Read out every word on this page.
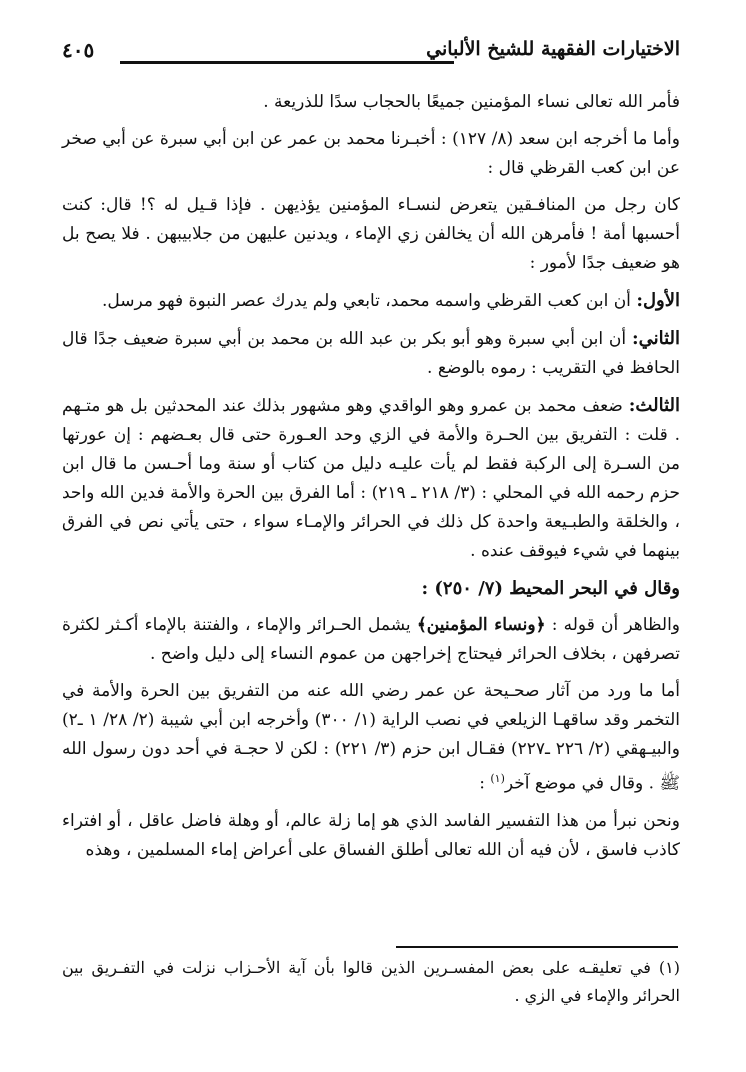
٤٠٥	الاختيارات الفقهية للشيخ الألباني

فأمر الله تعالى نساء المؤمنين جميعًا بالحجاب سدًا للذريعة .

وأما ما أخرجه ابن سعد (٨/ ١٢٧) : أخبـرنا محمد بن عمر عن ابن أبي سبرة عن أبي صخر عن ابن كعب القرظي قال :

كان رجل من المنافـقين يتعرض لنسـاء المؤمنين يؤذيهن . فإذا قـيل له ؟! قال: كنت أحسبها أمة ! فأمرهن الله أن يخالفن زي الإماء ، ويدنين عليهن من جلابيبهن . فلا يصح بل هو ضعيف جدًا لأمور :

الأول: أن ابن كعب القرظي واسمه محمد، تابعي ولم يدرك عصر النبوة فهو مرسل.

الثاني: أن ابن أبي سبرة وهو أبو بكر بن عبد الله بن محمد بن أبي سبرة ضعيف جدًا قال الحافظ في التقريب : رموه بالوضع .

الثالث: ضعف محمد بن عمرو وهو الواقدي وهو مشهور بذلك عند المحدثين بل هو متـهم . قلت : التفريق بين الحـرة والأمة في الزي وحد العـورة حتى قال بعـضهم : إن عورتها من السـرة إلى الركبة فقط لم يأت عليـه دليل من كتاب أو سنة وما أحـسن ما قال ابن حزم رحمه الله في المحلي : (٣/ ٢١٨ ـ ٢١٩) : أما الفرق بين الحرة والأمة فدين الله واحد ، والخلقة والطبـيعة واحدة كل ذلك في الحرائر والإمـاء سواء ، حتى يأتي نص في الفرق بينهما في شيء فيوقف عنده .

وقال في البحر المحيط (٧/ ٢٥٠) :

والظاهر أن قوله : ﴿ونساء المؤمنين﴾ يشمل الحـرائر والإماء ، والفتنة بالإماء أكـثر لكثرة تصرفهن ، بخلاف الحرائر فيحتاج إخراجهن من عموم النساء إلى دليل واضح .

أما ما ورد من آثار صحـيحة عن عمر رضي الله عنه من التفريق بين الحرة والأمة في التخمر وقد ساقهـا الزيلعي في نصب الراية (١/ ٣٠٠) وأخرجه ابن أبي شيبة (٢/ ٢٨/ ١ ـ٢) والبيـهقي (٢/ ٢٢٦ ـ٢٢٧) فقـال ابن حزم (٣/ ٢٢١) : لكن لا حجـة في أحد دون رسول الله ﷺ . وقال في موضع آخر$^{(١)}$ :

ونحن نبرأ من هذا التفسير الفاسد الذي هو إما زلة عالم، أو وهلة فاضل عاقل ، أو افتراء كاذب فاسق ، لأن فيه أن الله تعالى أطلق الفساق على أعراض إماء المسلمين ، وهذه

(١) في تعليقـه على بعض المفسـرين الذين قالوا بأن آية الأحـزاب نزلت في التفـريق بين الحرائر والإماء في الزي .
